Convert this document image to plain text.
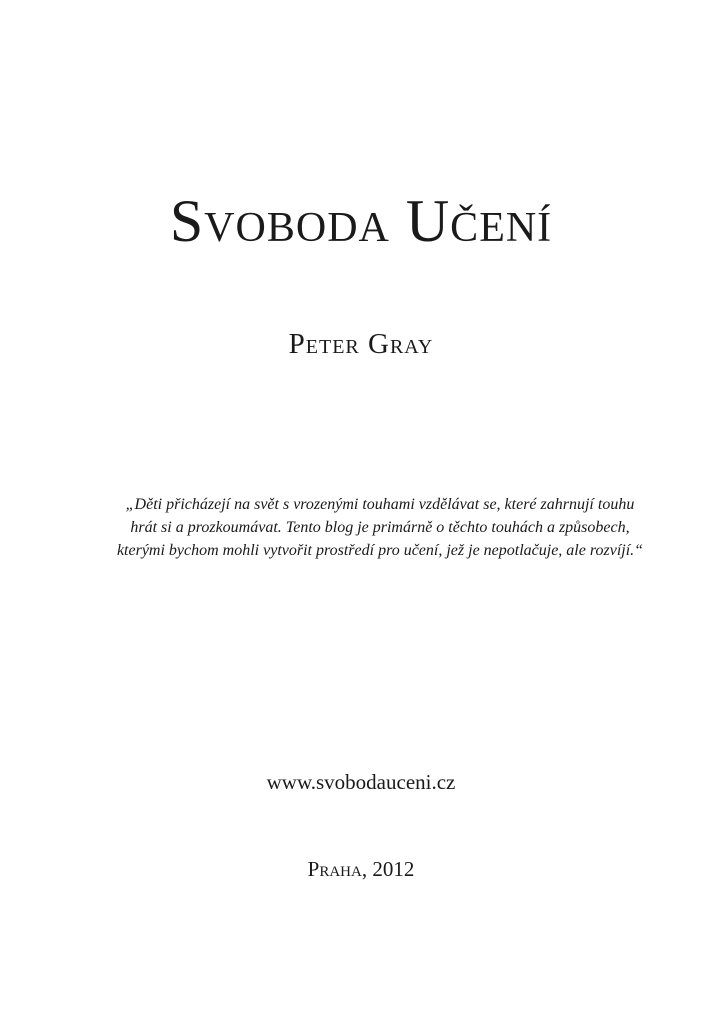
Svoboda Učení
Peter Gray

„Děti přicházejí na svět s vrozenými touhami vzdělávat se, které zahrnují touhu
hrát si a prozkoumávat. Tento blog je primárně o těchto touhách a způsobech,
kterými bychom mohli vytvořit prostředí pro učení, jež je nepotlačuje, ale rozvíjí.“

www.svobodauceni.cz

Praha, 2012
